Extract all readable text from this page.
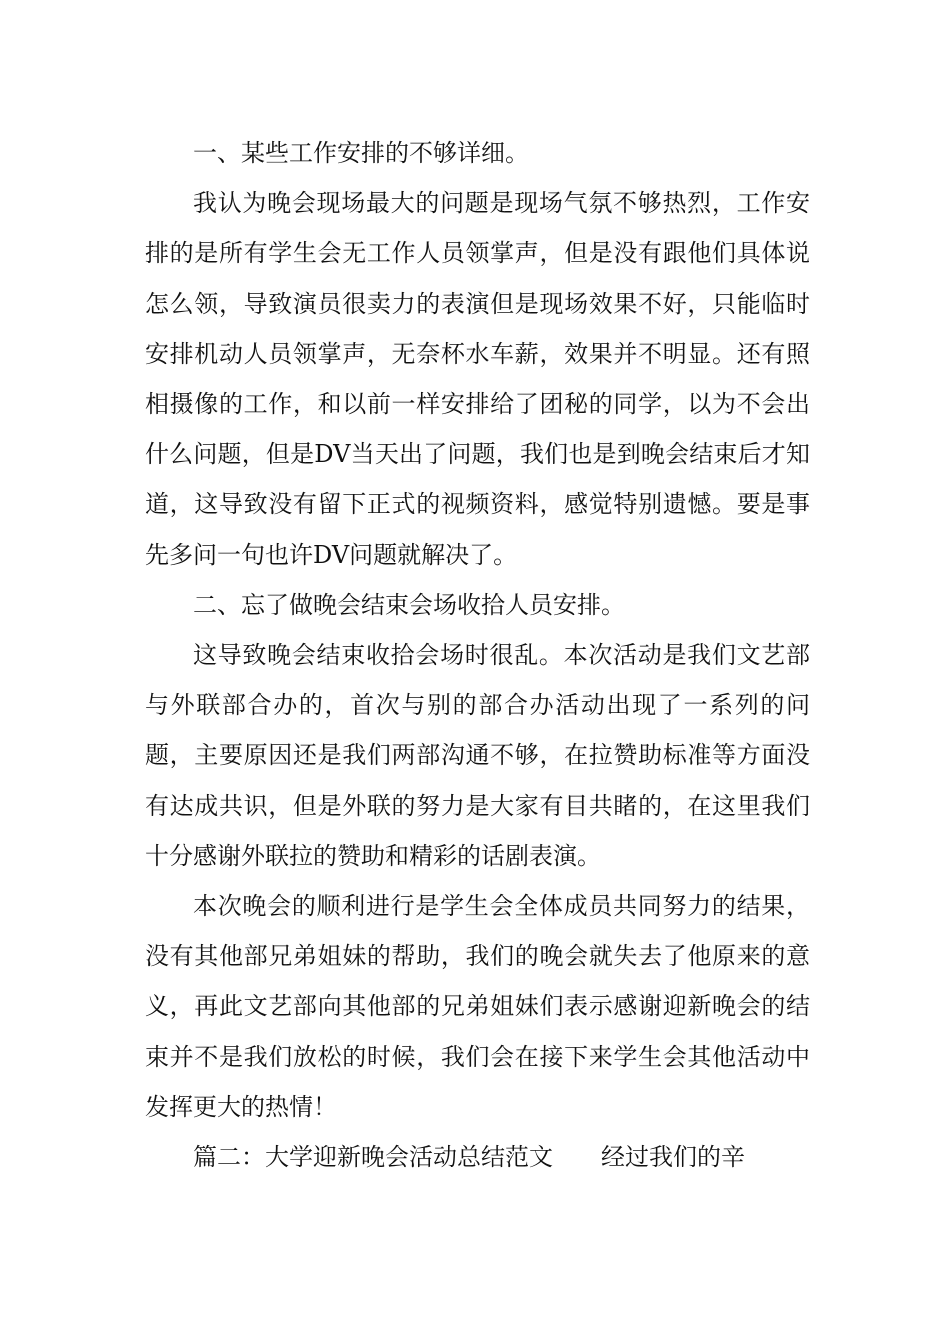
一、某些工作安排的不够详细。

我认为晚会现场最大的问题是现场气氛不够热烈，工作安排的是所有学生会无工作人员领掌声，但是没有跟他们具体说怎么领，导致演员很卖力的表演但是现场效果不好，只能临时安排机动人员领掌声，无奈杯水车薪，效果并不明显。还有照相摄像的工作，和以前一样安排给了团秘的同学，以为不会出什么问题，但是DV当天出了问题，我们也是到晚会结束后才知道，这导致没有留下正式的视频资料，感觉特别遗憾。要是事先多问一句也许DV问题就解决了。

二、忘了做晚会结束会场收拾人员安排。

这导致晚会结束收拾会场时很乱。本次活动是我们文艺部与外联部合办的，首次与别的部合办活动出现了一系列的问题，主要原因还是我们两部沟通不够，在拉赞助标准等方面没有达成共识，但是外联的努力是大家有目共睹的，在这里我们十分感谢外联拉的赞助和精彩的话剧表演。

本次晚会的顺利进行是学生会全体成员共同努力的结果，没有其他部兄弟姐妹的帮助，我们的晚会就失去了他原来的意义，再此文艺部向其他部的兄弟姐妹们表示感谢迎新晚会的结束并不是我们放松的时候，我们会在接下来学生会其他活动中发挥更大的热情！

篇二：大学迎新晚会活动总结范文　　经过我们的辛
